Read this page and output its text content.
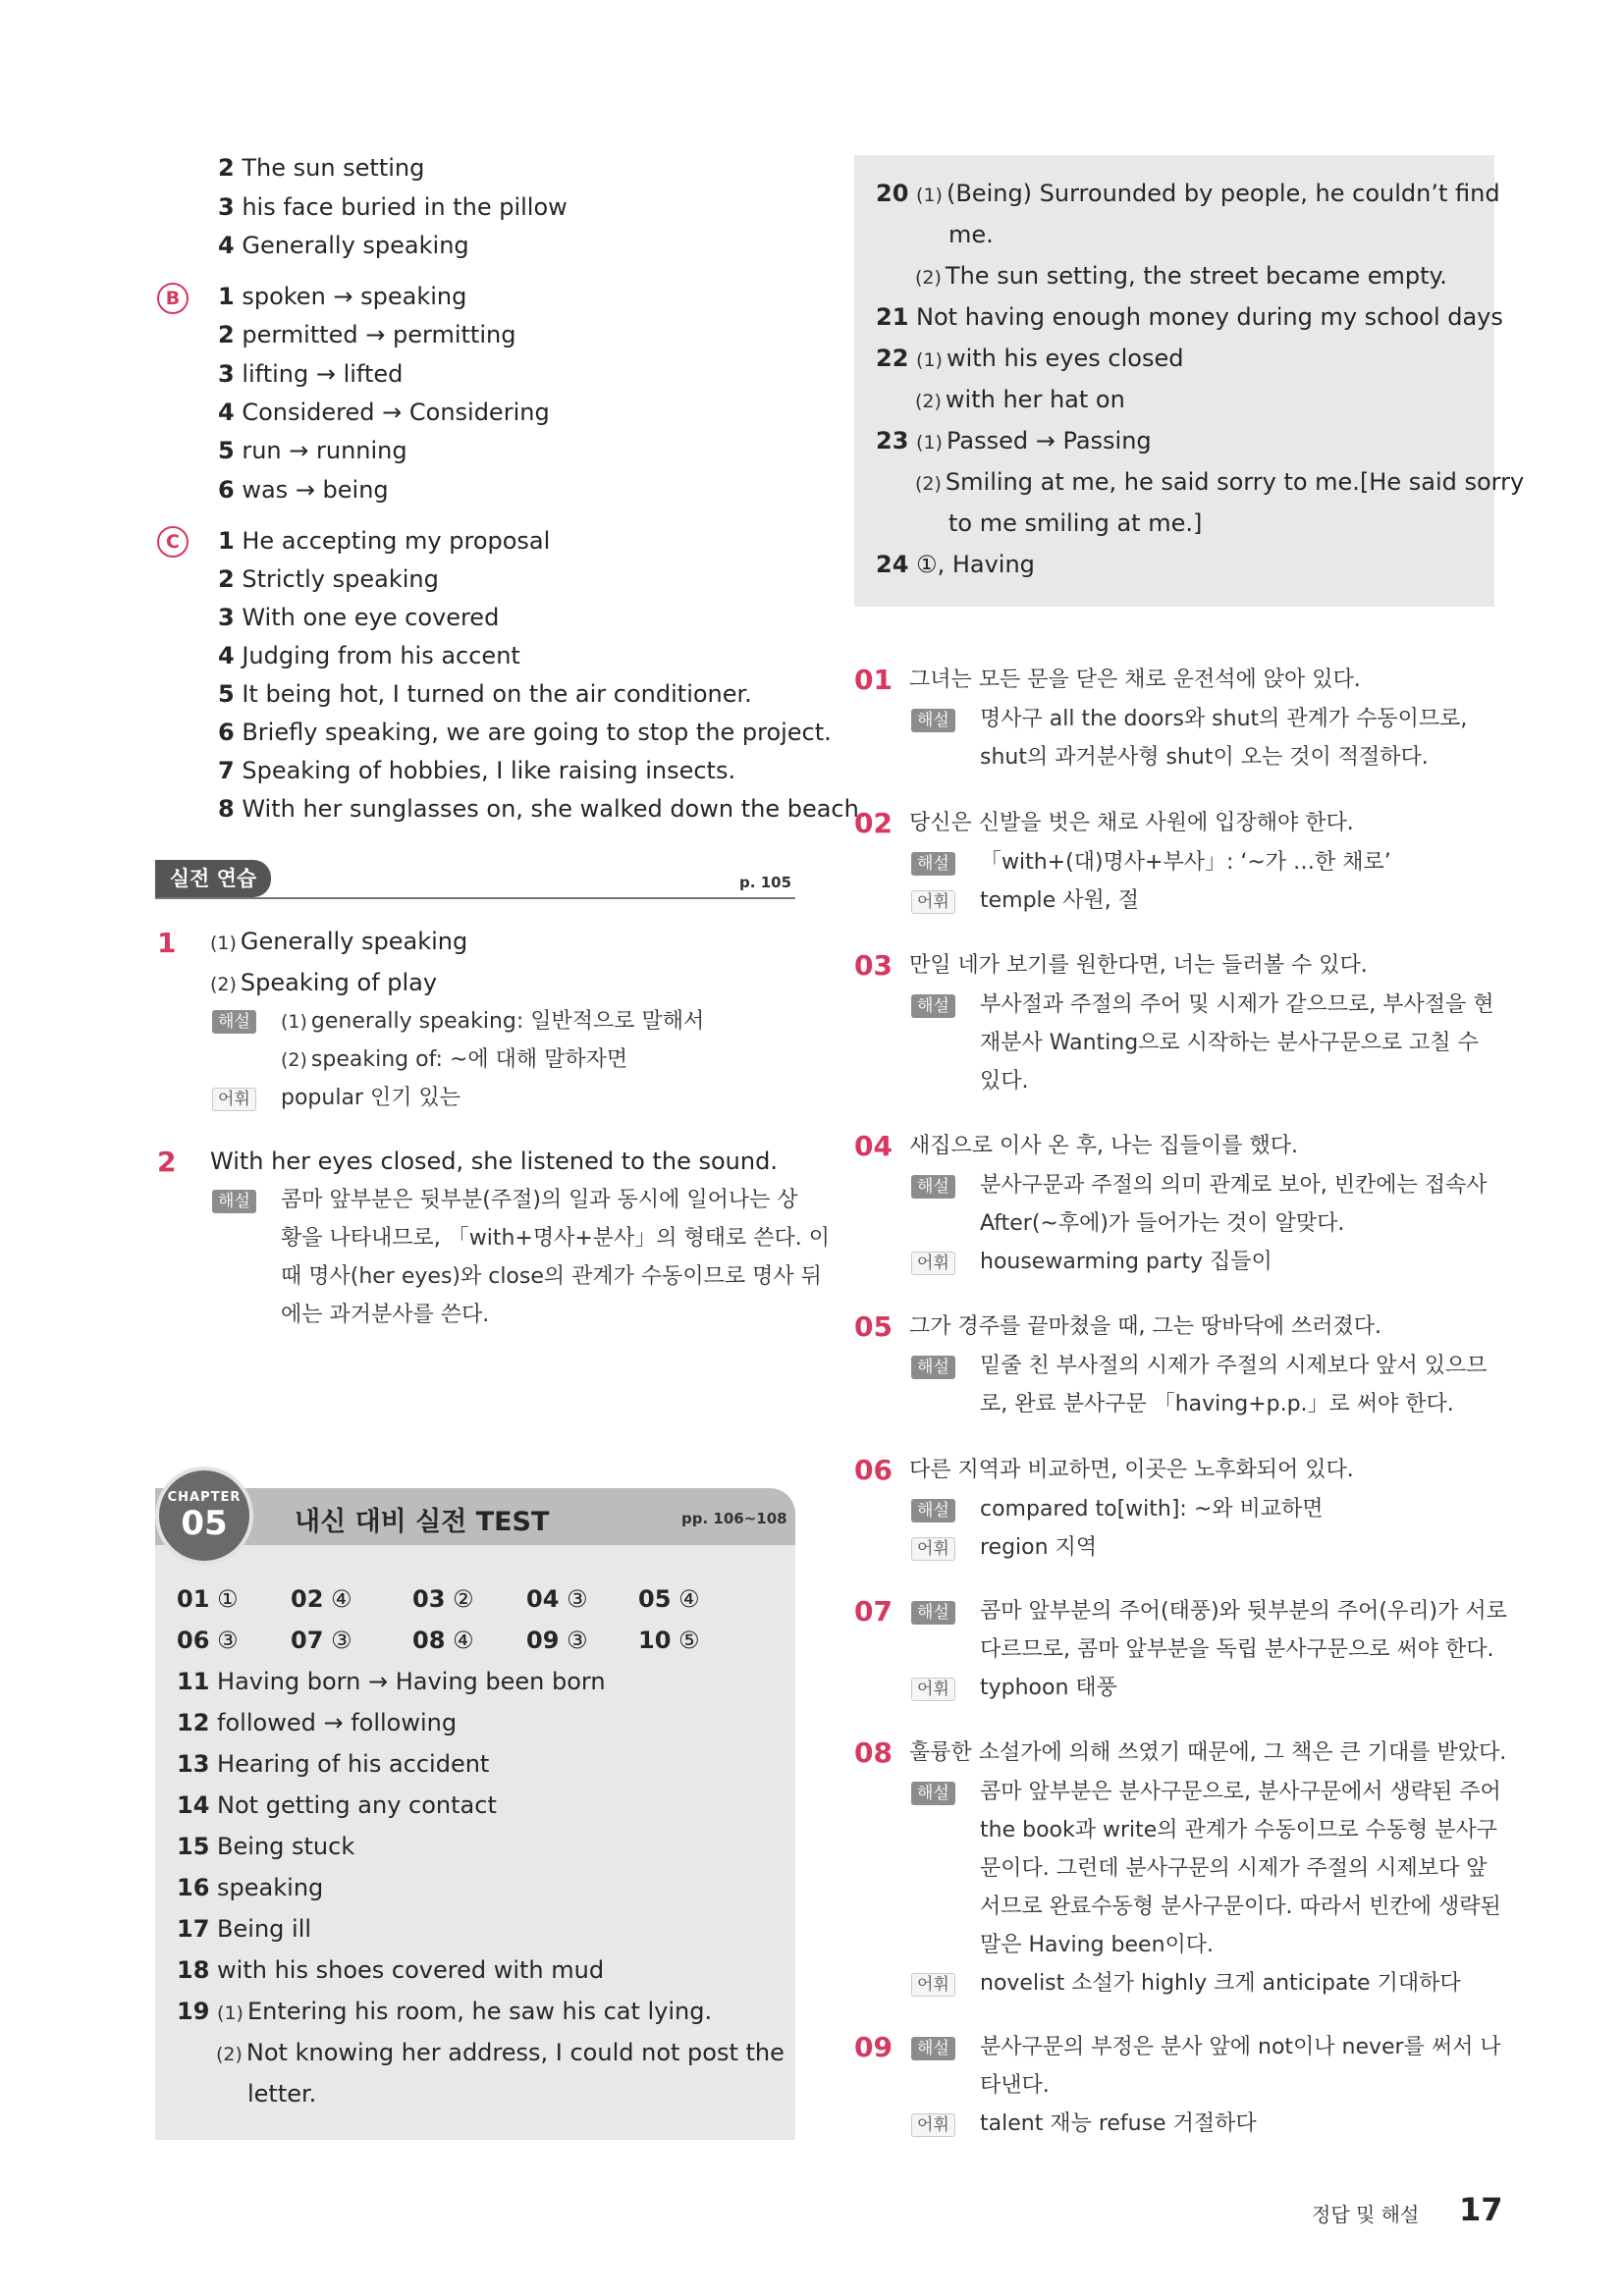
2 The sun setting
3 his face buried in the pillow
4 Generally speaking
B	1 spoken → speaking
2 permitted → permitting
3 lifting → lifted
4 Considered → Considering
5 run → running
6 was → being
C	1 He accepting my proposal
2 Strictly speaking
3 With one eye covered
4 Judging from his accent
5 It being hot, I turned on the air conditioner.
6 Briefly speaking, we are going to stop the project.
7 Speaking of hobbies, I like raising insects.
8 With her sunglasses on, she walked down the beach.
실전 연습	p. 105
1 (1) Generally speaking
(2) Speaking of play
해설	(1) generally speaking: 일반적으로 말해서
(2) speaking of: ~에 대해 말하자면
어휘 popular 인기 있는
2 With her eyes closed, she listened to the sound.
해설 콤마 앞부분은 뒷부분(주절)의 일과 동시에 일어나는 상
황을 나타내므로, 「with+명사+분사」의 형태로 쓴다. 이
때 명사(her eyes)와 close의 관계가 수동이므로 명사 뒤
에는 과거분사를 쓴다.
CHAPTER
05	내신 대비 실전 TEST	pp. 106~108
01 ① 02 ④	03 ② 04 ③ 05 ④
06 ③ 07 ③	08 ④ 09 ③ 10 ⑤
11 Having born → Having been born
12 followed → following
13 Hearing of his accident
14 Not getting any contact
15 Being stuck
16 speaking
17 Being ill
18 with his shoes covered with mud
19 (1) Entering his room, he saw his cat lying.
(2) Not knowing her address, I could not post the
letter.
20 (1) (Being) Surrounded by people, he couldn’t find
me.
(2) The sun setting, the street became empty.
21 Not having enough money during my school days
22 (1) with his eyes closed
(2) with her hat on
23 (1) Passed → Passing
(2) Smiling at me, he said sorry to me.[He said sorry
to me smiling at me.]
24 ①, Having
01 그녀는 모든 문을 닫은 채로 운전석에 앉아 있다.
해설 명사구 all the doors와 shut의 관계가 수동이므로,
shut의 과거분사형 shut이 오는 것이 적절하다.
02 당신은 신발을 벗은 채로 사원에 입장해야 한다.
해설 「with+(대)명사+부사」: ‘~가 …한 채로’
어휘 temple 사원, 절
03 만일 네가 보기를 원한다면, 너는 들러볼 수 있다.
해설 부사절과 주절의 주어 및 시제가 같으므로, 부사절을 현
재분사 Wanting으로 시작하는 분사구문으로 고칠 수
있다.
04 새집으로 이사 온 후, 나는 집들이를 했다.
해설 분사구문과 주절의 의미 관계로 보아, 빈칸에는 접속사
After(~후에)가 들어가는 것이 알맞다.
어휘 housewarming party 집들이
05 그가 경주를 끝마쳤을 때, 그는 땅바닥에 쓰러졌다.
해설 밑줄 친 부사절의 시제가 주절의 시제보다 앞서 있으므
로, 완료 분사구문 「having+p.p.」로 써야 한다.
06 다른 지역과 비교하면, 이곳은 노후화되어 있다.
해설 compared to[with]: ~와 비교하면
어휘 region 지역
07	해설 콤마 앞부분의 주어(태풍)와 뒷부분의 주어(우리)가 서로
다르므로, 콤마 앞부분을 독립 분사구문으로 써야 한다.
어휘 typhoon 태풍
08 훌륭한 소설가에 의해 쓰였기 때문에, 그 책은 큰 기대를 받았다.
해설 콤마 앞부분은 분사구문으로, 분사구문에서 생략된 주어
the book과 write의 관계가 수동이므로 수동형 분사구
문이다. 그런데 분사구문의 시제가 주절의 시제보다 앞
서므로 완료수동형 분사구문이다. 따라서 빈칸에 생략된
말은 Having been이다.
어휘 novelist 소설가 highly 크게 anticipate 기대하다
09	해설 분사구문의 부정은 분사 앞에 not이나 never를 써서 나
타낸다.
어휘 talent 재능 refuse 거절하다
정답 및 해설 17
